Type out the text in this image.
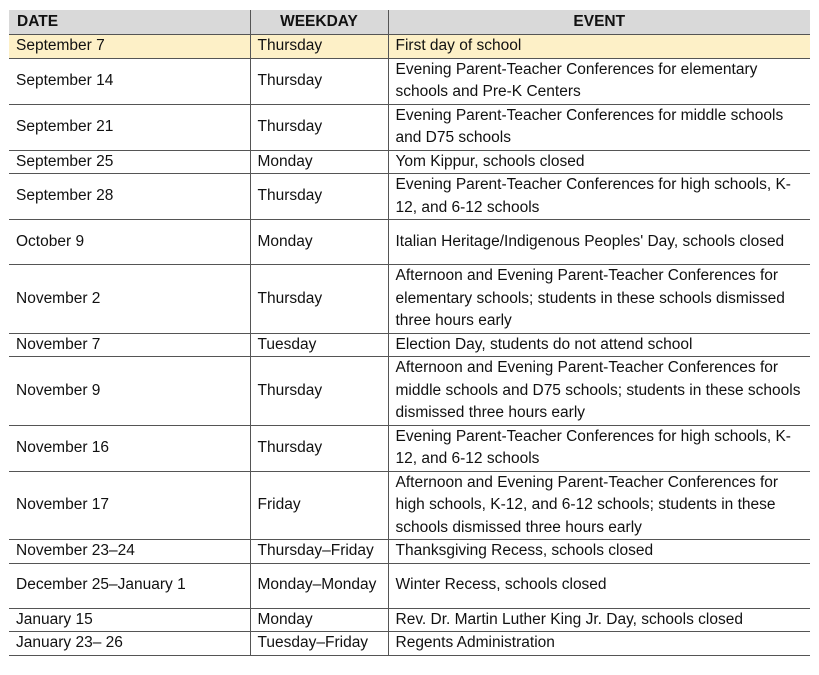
DATE	WEEKDAY	EVENT
September 7	Thursday	First day of school
September 14	Thursday	Evening Parent-Teacher Conferences for elementary schools and Pre-K Centers
September 21	Thursday	Evening Parent-Teacher Conferences for middle schools and D75 schools
September 25	Monday	Yom Kippur, schools closed
September 28	Thursday	Evening Parent-Teacher Conferences for high schools, K-12, and 6-12 schools
October 9	Monday	Italian Heritage/Indigenous Peoples' Day, schools closed
November 2	Thursday	Afternoon and Evening Parent-Teacher Conferences for elementary schools; students in these schools dismissed three hours early
November 7	Tuesday	Election Day, students do not attend school
November 9	Thursday	Afternoon and Evening Parent-Teacher Conferences for middle schools and D75 schools; students in these schools dismissed three hours early
November 16	Thursday	Evening Parent-Teacher Conferences for high schools, K-12, and 6-12 schools
November 17	Friday	Afternoon and Evening Parent-Teacher Conferences for high schools, K-12, and 6-12 schools; students in these schools dismissed three hours early
November 23–24	Thursday–Friday	Thanksgiving Recess, schools closed
December 25–January 1	Monday–Monday	Winter Recess, schools closed
January 15	Monday	Rev. Dr. Martin Luther King Jr. Day, schools closed
January 23– 26	Tuesday–Friday	Regents Administration
